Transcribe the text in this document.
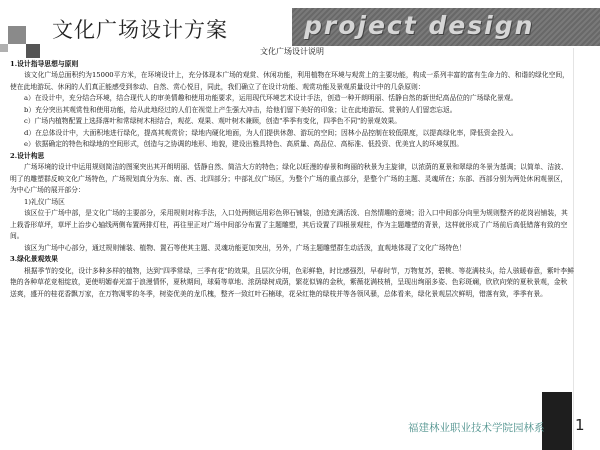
文化广场设计方案	project design
文化广场设计说明

1.设计指导思想与原则

该文化广场总面积约为15000平方米，在环境设计上，充分体现本广场的观赏、休闲功能，利用植物在环境与观赏上的主要功能，构成一系列丰富的富有生命力的、和谐的绿化空间，使在此地游玩、休闲的人们真正能感受到参动、自然、赏心悦目，同此，我们确立了在设计功能、观赏功能及景观质量设计中的几条原则：

a）在设计中，充分结合环境，结合现代人的审美情趣和使用功能要求，运用现代环境艺术设计手法，创造一种开朗明丽、恬静自然的新世纪高品位的广场绿化景观。

b）充分突出其观赏性和使用功能，给从此地经过的人们在视觉上产生强大冲击，给他们留下美好的印象；让在此地游玩、赏景的人们留恋忘返。

c）广场内植物配置上选择落叶和常绿树木相结合，观花、观果、观叶树木兼顾，创造"季季有变化，四季色不同"的景观效果。

d）在总体设计中，大面积地进行绿化，提高其观赏价；绿地内硬化地面，为人们提供休憩、游玩的空间；因林小品控制在较低限度，以提高绿化率，降低资金投入。

e）依据确定的特色和绿地的空间形式，创造与之协调的地形、地貌，建设出雅具特色、高质量、高品位、高标准、低投资、优美宜人的环境氛围。

2.设计构思

广场环境的设计中运用规则简洁的图案突出其开朗明丽、恬静自然、简洁大方的特色；绿化以旺漫的春景和绚丽的秋景为主旋律，以浓荫的夏景和翠绿的冬景为基调；以简单、洁波、明了的雕塑群反映文化广场特色，广场规划真分为东、南、西、北四部分；中部礼仪广场区，为整个广场的重点部分，是整个广场的主题、灵魂所在；东部、西部分别为两处休闲观景区，为中心广场的展开部分：

1)礼仪广场区

该区位于广场中部，是文化广场的主要部分，采用规则对称手法，入口处两侧运用彩色卵石铺装，创造充满活泼、自然情趣的意境；沿入口中间部分向里为规则整齐的花岗岩铺装，其上栽香形草坪，草坪上治步心轴线两侧布置两排灯柱，再往里正对广场中间部分布置了主题雕塑，其后设置了四根景观柱，作为主题雕塑的背景，这样就形成了广场前后高低错落有致的空间。

该区为广场中心部分，通过规则铺装、植物、置石等使其主题、灵魂功能更加突出，另外，广场主题雕塑群生动活泼，直观地体现了文化广场特色！

3.绿化景观效果

根据季节的变化，设计多种多样的植物，达到"四季常绿，三季有花"的效果，且层次分明，色彩鲜艳，时比感强烈，早春时节，万物复苏，碧桃、等花满枝头，给人骇暖春意，紫叶李鲜艳的各种草花竞相绽放，更使明媚春光富于浪漫情怀，夏秋期间，球菊等草地、浓荫绿树成荫，繁花似锦的金秋，紫薇花满枝梢，呈现出绚丽多姿、色彩斑斓，欣欣向荣的夏秋景观，金秋送爽，盛开的桂花香飘万家，在万物凋零的冬季，树姿优美的龙爪槐，整齐一致红叶石楠球，花朵红艳的绿枝并等各领风骚，总体看来，绿化景观层次鲜明，错落有致，季季有景。

福建林业职业技术学院园林系 1
